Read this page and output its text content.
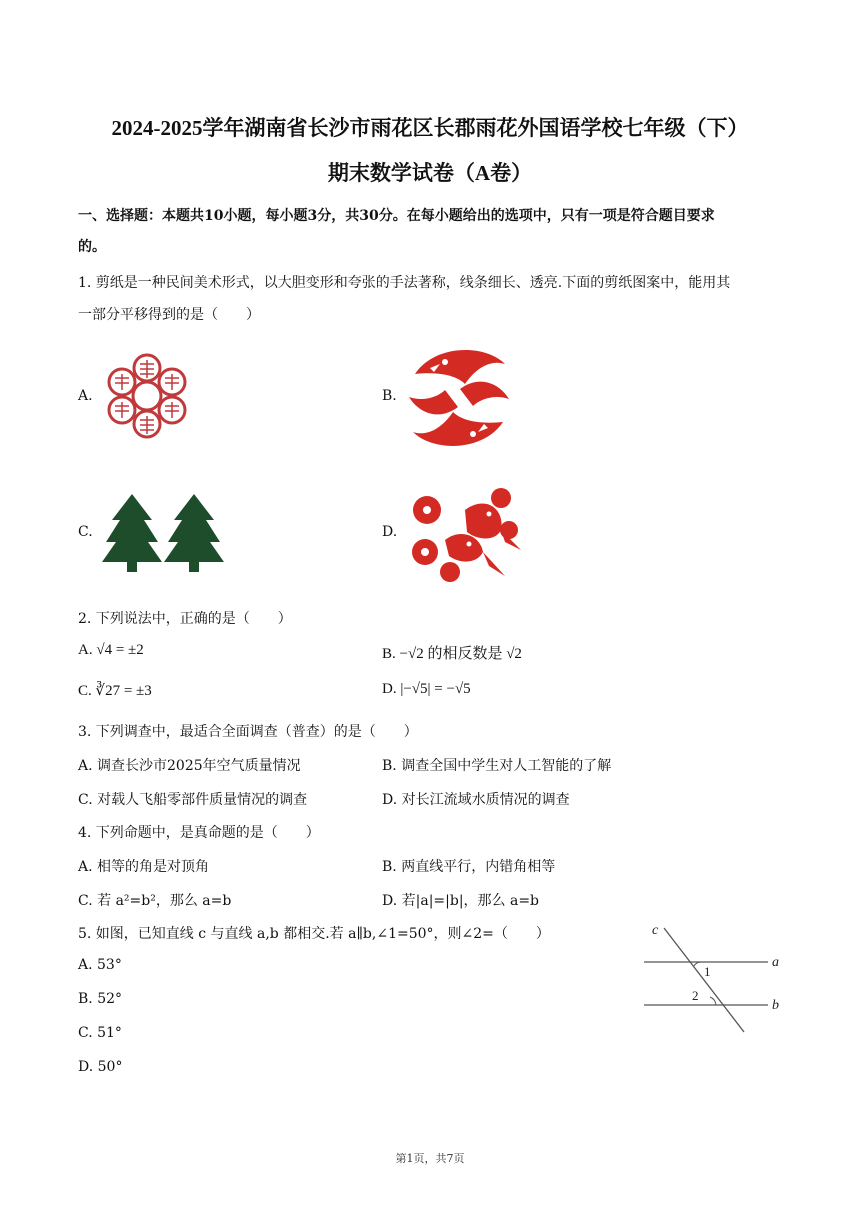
2024-2025学年湖南省长沙市雨花区长郡雨花外国语学校七年级（下）
期末数学试卷（A卷）
一、选择题：本题共10小题，每小题3分，共30分。在每小题给出的选项中，只有一项是符合题目要求
的。
1. 剪纸是一种民间美术形式，以大胆变形和夸张的手法著称，线条细长、透亮.下面的剪纸图案中，能用其
一部分平移得到的是（　　）
A.	B.
C.	D.
2. 下列说法中，正确的是（　　）
A. √4 = ±2	B. −√2 的相反数是 √2
C. ∛27 = ±3	D. |−√5| = −√5
3. 下列调查中，最适合全面调查（普查）的是（　　）
A. 调查长沙市2025年空气质量情况	B. 调查全国中学生对人工智能的了解
C. 对载人飞船零部件质量情况的调查	D. 对长江流域水质情况的调查
4. 下列命题中，是真命题的是（　　）
A. 相等的角是对顶角	B. 两直线平行，内错角相等
C. 若 a²=b²，那么 a=b	D. 若|a|=|b|，那么 a=b
5. 如图，已知直线 c 与直线 a,b 都相交.若 a∥b,∠1=50°，则∠2=（　　）
A. 53°
B. 52°
C. 51°
D. 50°
c
a
b
1
2
第1页，共7页
